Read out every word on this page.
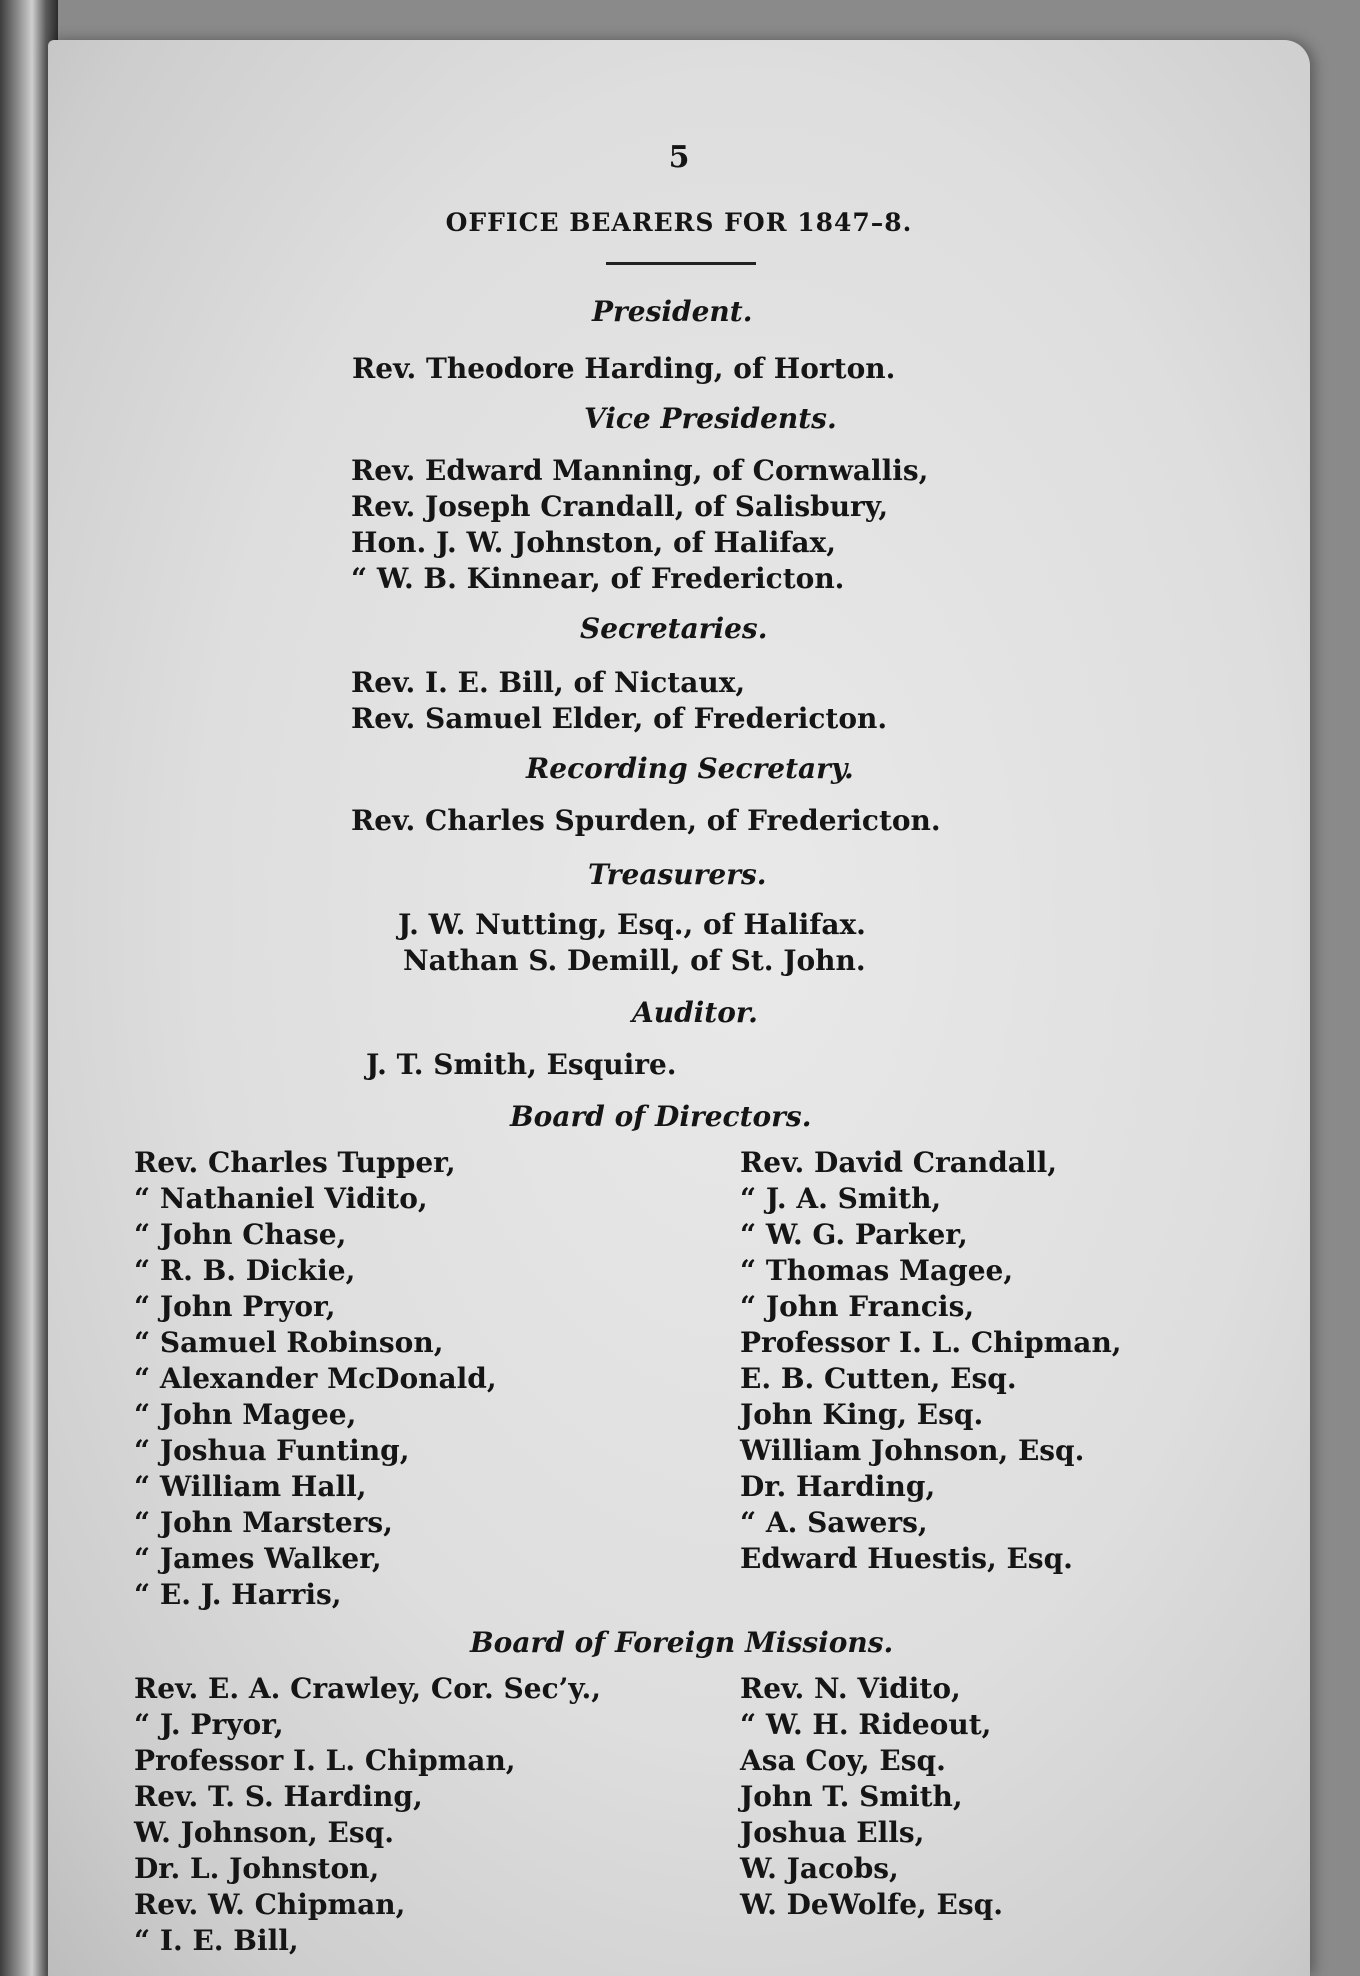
5
OFFICE BEARERS FOR 1847–8.
President.
Rev. Theodore Harding, of Horton.
Vice Presidents.
Rev. Edward Manning, of Cornwallis,
Rev. Joseph Crandall, of Salisbury,
Hon. J. W. Johnston, of Halifax,
“ W. B. Kinnear, of Fredericton.
Secretaries.
Rev. I. E. Bill, of Nictaux,
Rev. Samuel Elder, of Fredericton.
Recording Secretary.
Rev. Charles Spurden, of Fredericton.
Treasurers.
J. W. Nutting, Esq., of Halifax.
Nathan S. Demill, of St. John.
Auditor.
J. T. Smith, Esquire.
Board of Directors.
Rev. Charles Tupper,
“ Nathaniel Vidito,
“ John Chase,
“ R. B. Dickie,
“ John Pryor,
“ Samuel Robinson,
“ Alexander McDonald,
“ John Magee,
“ Joshua Funting,
“ William Hall,
“ John Marsters,
“ James Walker,
“ E. J. Harris,
Rev. David Crandall,
“ J. A. Smith,
“ W. G. Parker,
“ Thomas Magee,
“ John Francis,
Professor I. L. Chipman,
E. B. Cutten, Esq.
John King, Esq.
William Johnson, Esq.
Dr. Harding,
“ A. Sawers,
Edward Huestis, Esq.
Board of Foreign Missions.
Rev. E. A. Crawley, Cor. Sec’y.,
“ J. Pryor,
Professor I. L. Chipman,
Rev. T. S. Harding,
W. Johnson, Esq.
Dr. L. Johnston,
Rev. W. Chipman,
“ I. E. Bill,
Rev. N. Vidito,
“ W. H. Rideout,
Asa Coy, Esq.
John T. Smith,
Joshua Ells,
W. Jacobs,
W. DeWolfe, Esq.
